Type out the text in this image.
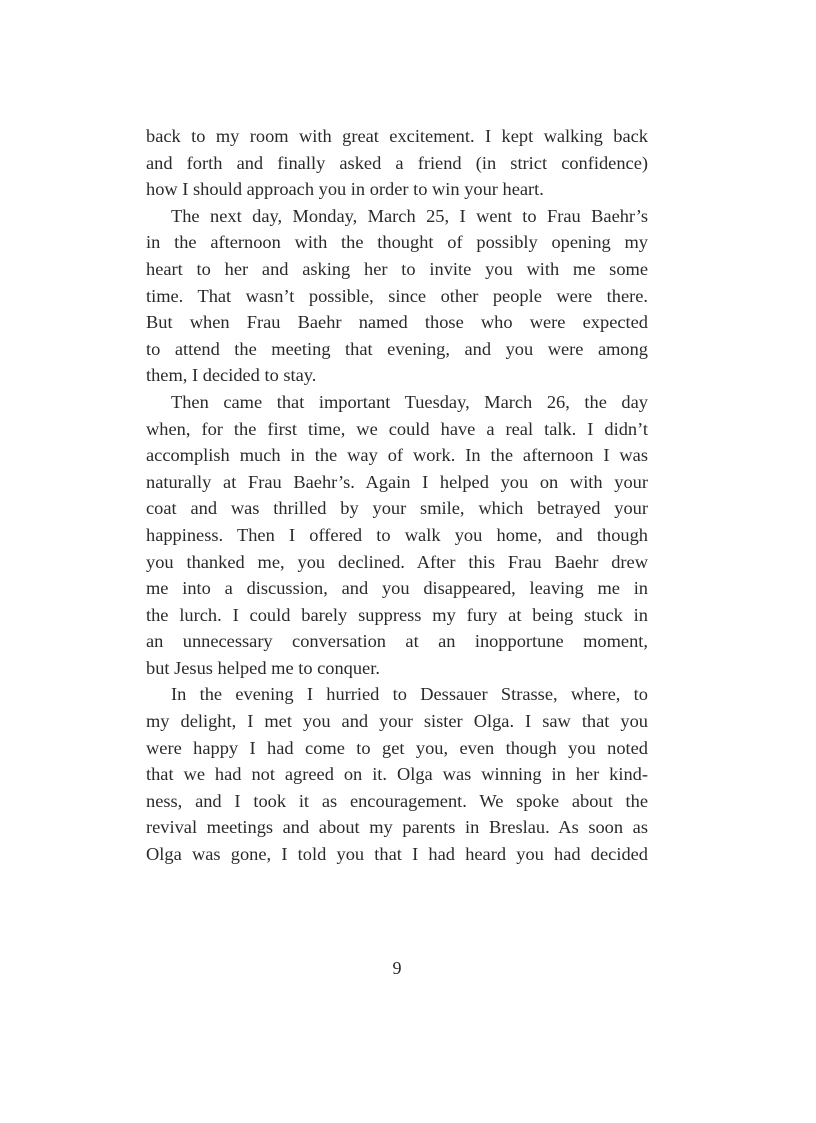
back to my room with great excitement. I kept walking back
and forth and finally asked a friend (in strict confidence)
how I should approach you in order to win your heart.
The next day, Monday, March 25, I went to Frau Baehr’s
in the afternoon with the thought of possibly opening my
heart to her and asking her to invite you with me some
time. That wasn’t possible, since other people were there.
But when Frau Baehr named those who were expected
to attend the meeting that evening, and you were among
them, I decided to stay.
Then came that important Tuesday, March 26, the day
when, for the first time, we could have a real talk. I didn’t
accomplish much in the way of work. In the afternoon I was
naturally at Frau Baehr’s. Again I helped you on with your
coat and was thrilled by your smile, which betrayed your
happiness. Then I offered to walk you home, and though
you thanked me, you declined. After this Frau Baehr drew
me into a discussion, and you disappeared, leaving me in
the lurch. I could barely suppress my fury at being stuck in
an unnecessary conversation at an inopportune moment,
but Jesus helped me to conquer.
In the evening I hurried to Dessauer Strasse, where, to
my delight, I met you and your sister Olga. I saw that you
were happy I had come to get you, even though you noted
that we had not agreed on it. Olga was winning in her kind-
ness, and I took it as encouragement. We spoke about the
revival meetings and about my parents in Breslau. As soon as
Olga was gone, I told you that I had heard you had decided
9
